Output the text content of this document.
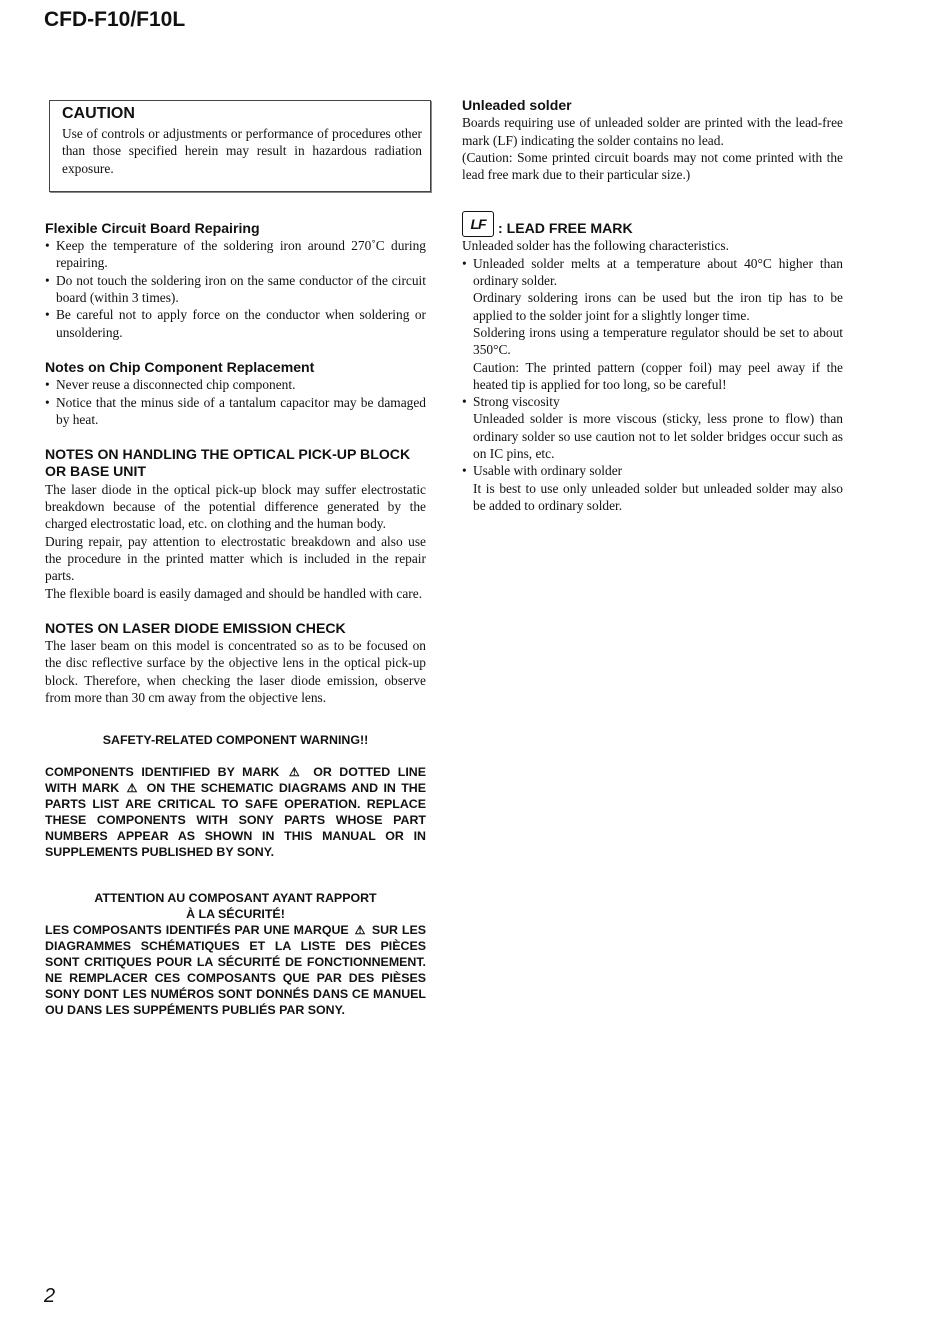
CFD-F10/F10L
CAUTION

Use of controls or adjustments or performance of procedures other than those specified herein may result in hazardous radiation exposure.

Flexible Circuit Board Repairing
• Keep the temperature of the soldering iron around 270˚C during repairing.
• Do not touch the soldering iron on the same conductor of the circuit board (within 3 times).
• Be careful not to apply force on the conductor when soldering or unsoldering.
Notes on Chip Component Replacement
• Never reuse a disconnected chip component.
• Notice that the minus side of a tantalum capacitor may be damaged by heat.
NOTES ON HANDLING THE OPTICAL PICK-UP BLOCK OR BASE UNIT

The laser diode in the optical pick-up block may suffer electrostatic breakdown because of the potential difference generated by the charged electrostatic load, etc. on clothing and the human body.

During repair, pay attention to electrostatic breakdown and also use the procedure in the printed matter which is included in the repair parts.

The flexible board is easily damaged and should be handled with care.

NOTES ON LASER DIODE EMISSION CHECK

The laser beam on this model is concentrated so as to be focused on the disc reflective surface by the objective lens in the optical pick-up block. Therefore, when checking the laser diode emission, observe from more than 30 cm away from the objective lens.

SAFETY-RELATED COMPONENT WARNING!!

COMPONENTS IDENTIFIED BY MARK ⚠ OR DOTTED LINE WITH MARK ⚠ ON THE SCHEMATIC DIAGRAMS AND IN THE PARTS LIST ARE CRITICAL TO SAFE OPERATION. REPLACE THESE COMPONENTS WITH SONY PARTS WHOSE PART NUMBERS APPEAR AS SHOWN IN THIS MANUAL OR IN SUPPLEMENTS PUBLISHED BY SONY.

ATTENTION AU COMPOSANT AYANT RAPPORT

À LA SÉCURITÉ!

LES COMPOSANTS IDENTIFÉS PAR UNE MARQUE ⚠ SUR LES DIAGRAMMES SCHÉMATIQUES ET LA LISTE DES PIÈCES SONT CRITIQUES POUR LA SÉCURITÉ DE FONCTIONNEMENT. NE REMPLACER CES COMPOSANTS QUE PAR DES PIÈSES SONY DONT LES NUMÉROS SONT DONNÉS DANS CE MANUEL OU DANS LES SUPPÉMENTS PUBLIÉS PAR SONY.

Unleaded solder

Boards requiring use of unleaded solder are printed with the lead-free mark (LF) indicating the solder contains no lead.

(Caution: Some printed circuit boards may not come printed with the lead free mark due to their particular size.)

LF : LEAD FREE MARK

Unleaded solder has the following characteristics.

• Unleaded solder melts at a temperature about 40°C higher than ordinary solder.
Ordinary soldering irons can be used but the iron tip has to be applied to the solder joint for a slightly longer time.
Soldering irons using a temperature regulator should be set to about 350°C.
Caution: The printed pattern (copper foil) may peel away if the heated tip is applied for too long, so be careful!
• Strong viscosity
Unleaded solder is more viscous (sticky, less prone to flow) than ordinary solder so use caution not to let solder bridges occur such as on IC pins, etc.
• Usable with ordinary solder
It is best to use only unleaded solder but unleaded solder may also be added to ordinary solder.

2
